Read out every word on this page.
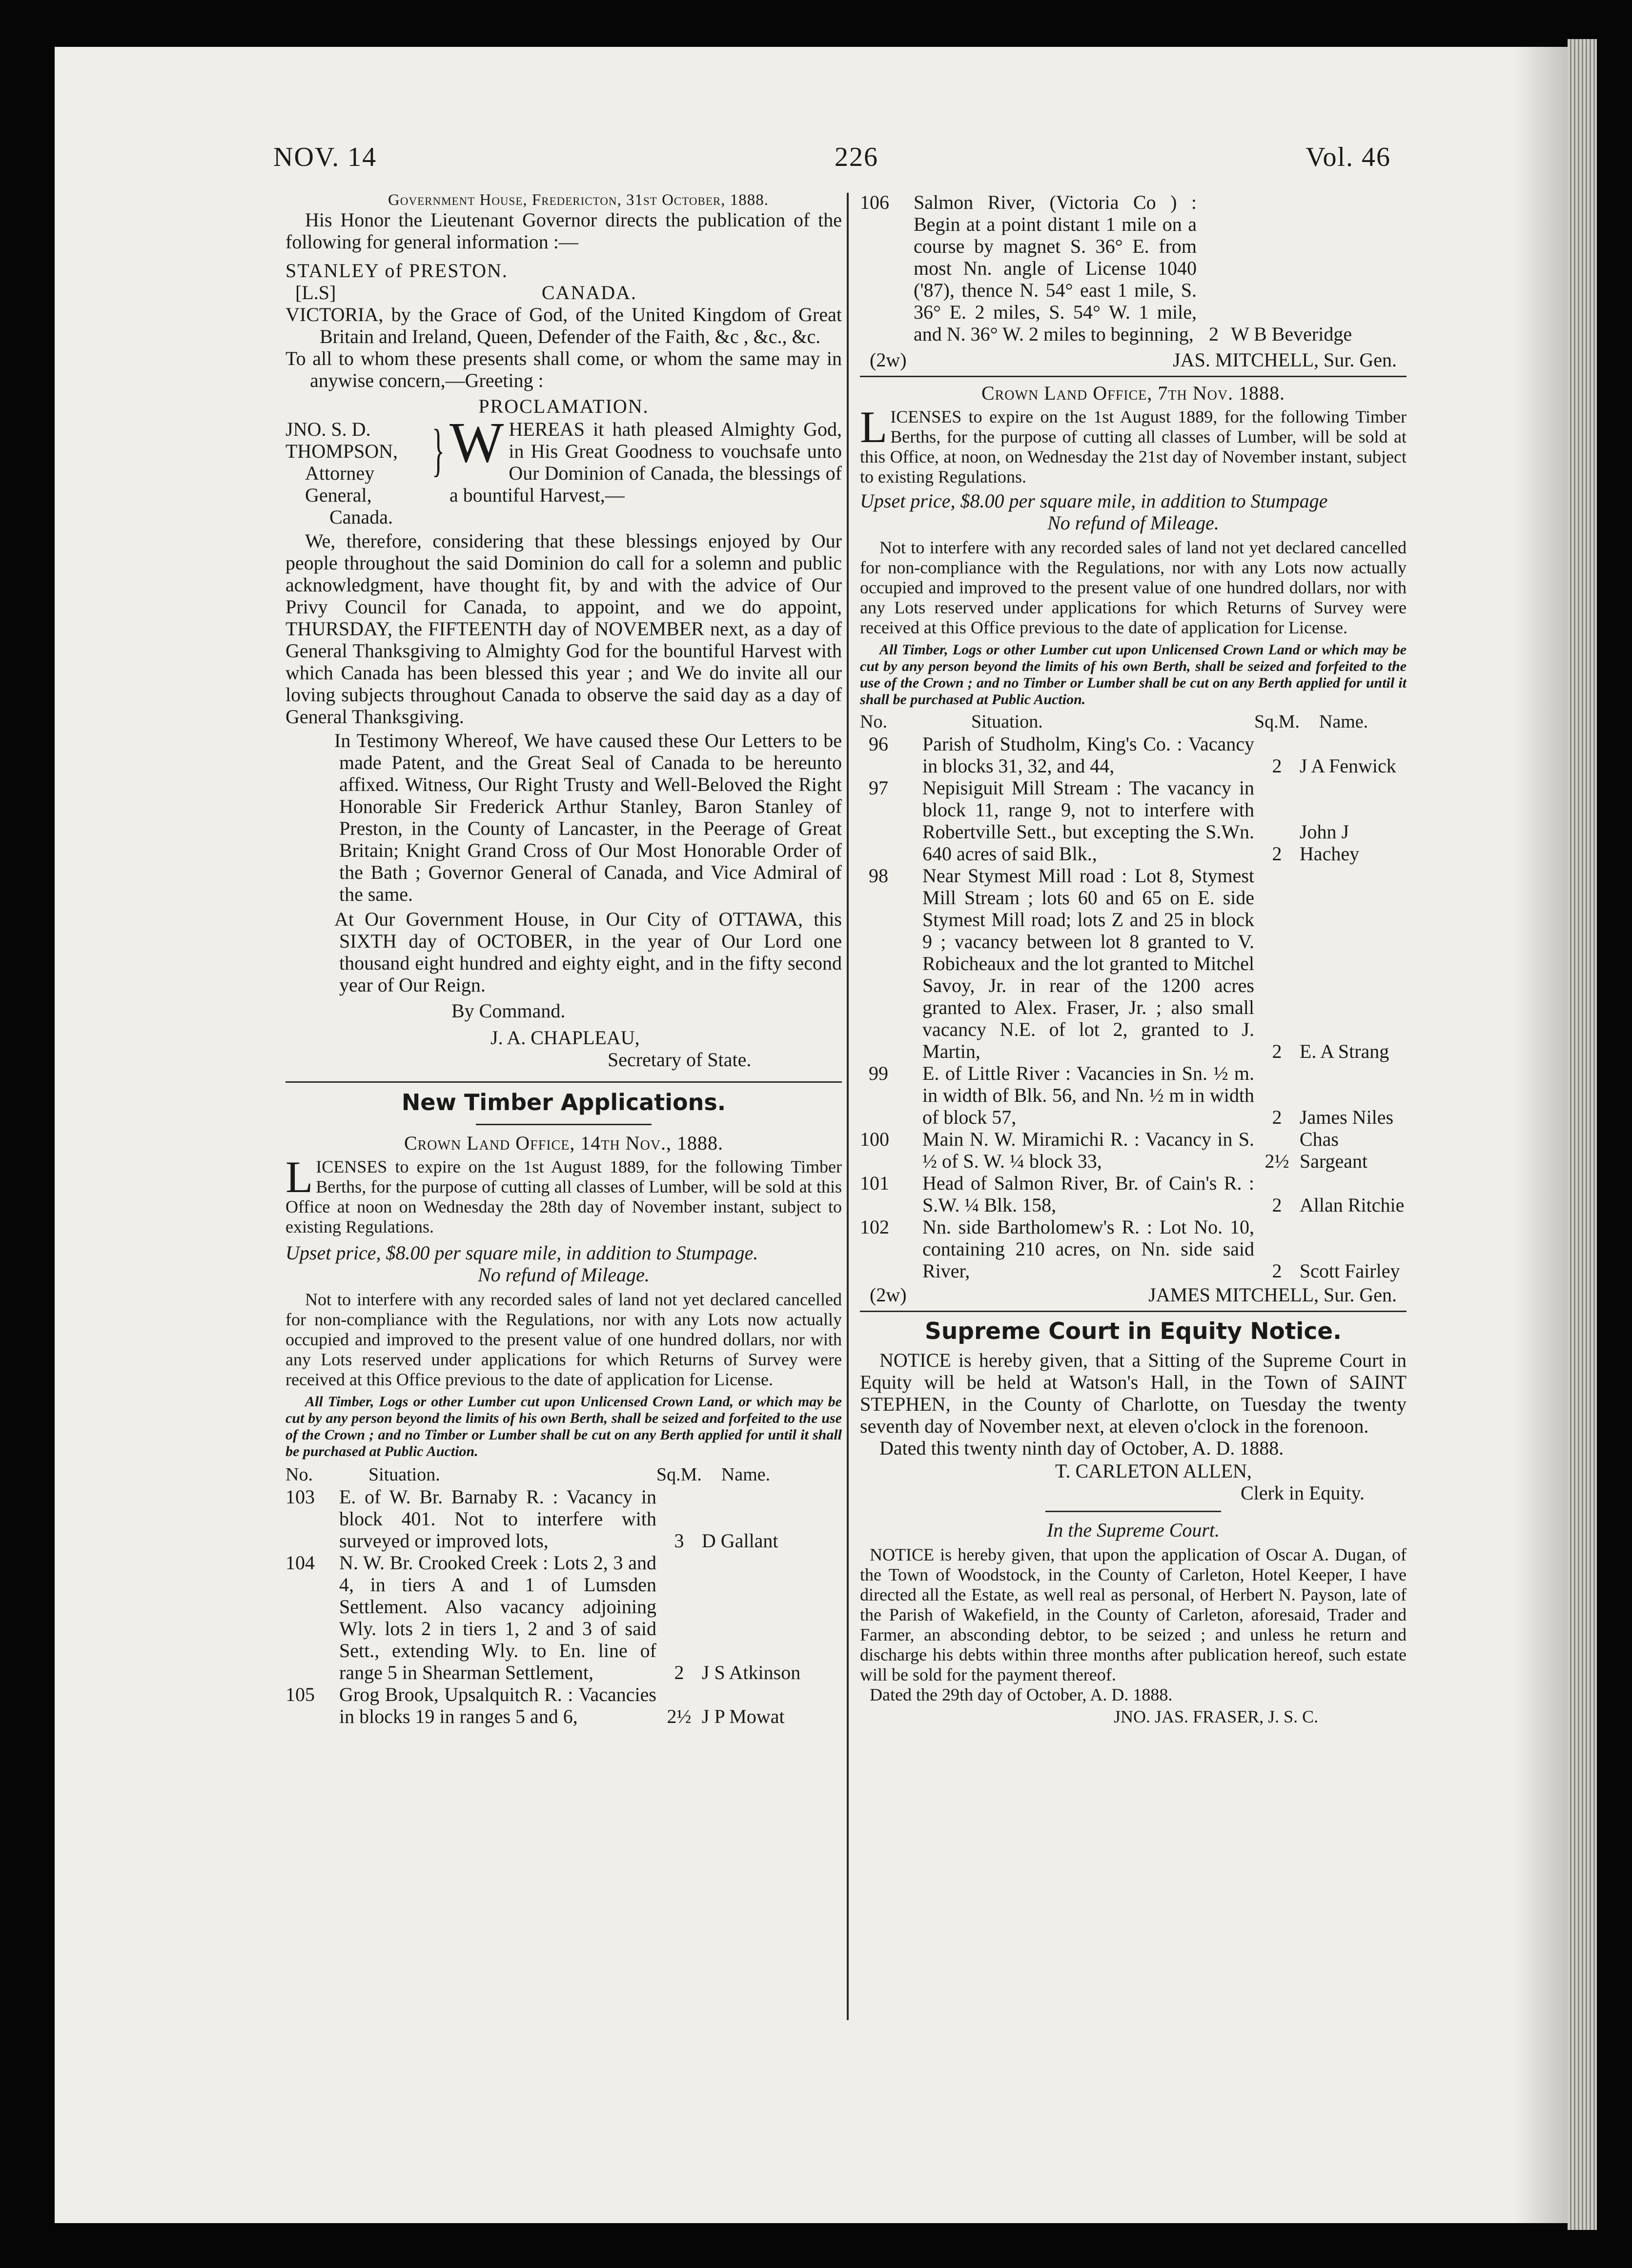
NOV. 14	226	Vol. 46

Government House, Fredericton, 31st October, 1888.

His Honor the Lieutenant Governor directs the publication of the following for general information :—

STANLEY of PRESTON.

[L.S]	CANADA.

VICTORIA, by the Grace of God, of the United Kingdom of Great Britain and Ireland, Queen, Defender of the Faith, &c , &c., &c.

To all to whom these presents shall come, or whom the same may in anywise concern,—Greeting :

PROCLAMATION.

JNO. S. D. THOMPSON,
Attorney General,
Canada.
} W HEREAS it hath pleased Almighty God, in His Great Goodness to vouchsafe unto Our Dominion of Canada, the blessings of a bountiful Harvest,—

We, therefore, considering that these blessings enjoyed by Our people throughout the said Dominion do call for a solemn and public acknowledgment, have thought fit, by and with the advice of Our Privy Council for Canada, to appoint, and we do appoint, THURSDAY, the FIFTEENTH day of NOVEMBER next, as a day of General Thanksgiving to Almighty God for the bountiful Harvest with which Canada has been blessed this year ; and We do invite all our loving subjects throughout Canada to observe the said day as a day of General Thanksgiving.

In Testimony Whereof, We have caused these Our Letters to be made Patent, and the Great Seal of Canada to be hereunto affixed. Witness, Our Right Trusty and Well-Beloved the Right Honorable Sir Frederick Arthur Stanley, Baron Stanley of Preston, in the County of Lancaster, in the Peerage of Great Britain; Knight Grand Cross of Our Most Honorable Order of the Bath ; Governor General of Canada, and Vice Admiral of the same.

At Our Government House, in Our City of OTTAWA, this SIXTH day of OCTOBER, in the year of Our Lord one thousand eight hundred and eighty eight, and in the fifty second year of Our Reign.

By Command.

J. A. CHAPLEAU,

Secretary of State.

New Timber Applications.

Crown Land Office, 14th Nov., 1888.

L ICENSES to expire on the 1st August 1889, for the following Timber Berths, for the purpose of cutting all classes of Lumber, will be sold at this Office at noon on Wednesday the 28th day of November instant, subject to existing Regulations.

Upset price, $8.00 per square mile, in addition to Stumpage.

No refund of Mileage.

Not to interfere with any recorded sales of land not yet declared cancelled for non-compliance with the Regulations, nor with any Lots now actually occupied and improved to the present value of one hundred dollars, nor with any Lots reserved under applications for which Returns of Survey were received at this Office previous to the date of application for License.

All Timber, Logs or other Lumber cut upon Unlicensed Crown Land, or which may be cut by any person beyond the limits of his own Berth, shall be seized and forfeited to the use of the Crown ; and no Timber or Lumber shall be cut on any Berth applied for until it shall be purchased at Public Auction.

No.	Situation.	Sq.M.	Name.
103	E. of W. Br. Barnaby R. : Vacancy in block 401. Not to interfere with surveyed or improved lots,	3	D Gallant
104	N. W. Br. Crooked Creek : Lots 2, 3 and 4, in tiers A and 1 of Lumsden Settlement. Also vacancy adjoining Wly. lots 2 in tiers 1, 2 and 3 of said Sett., extending Wly. to En. line of range 5 in Shearman Settlement,	2	J S Atkinson
105	Grog Brook, Upsalquitch R. : Vacancies in blocks 19 in ranges 5 and 6,	2½	J P Mowat
106	Salmon River, (Victoria Co ) : Begin at a point distant 1 mile on a course by magnet S. 36° E. from most Nn. angle of License 1040 ('87), thence N. 54° east 1 mile, S. 36° E. 2 miles, S. 54° W. 1 mile, and N. 36° W. 2 miles to beginning,	2	W B Beveridge
(2w)	JAS. MITCHELL, Sur. Gen.

Crown Land Office, 7th Nov. 1888.

L ICENSES to expire on the 1st August 1889, for the following Timber Berths, for the purpose of cutting all classes of Lumber, will be sold at this Office, at noon, on Wednesday the 21st day of November instant, subject to existing Regulations.

Upset price, $8.00 per square mile, in addition to Stumpage

No refund of Mileage.

Not to interfere with any recorded sales of land not yet declared cancelled for non-compliance with the Regulations, nor with any Lots now actually occupied and improved to the present value of one hundred dollars, nor with any Lots reserved under applications for which Returns of Survey were received at this Office previous to the date of application for License.

All Timber, Logs or other Lumber cut upon Unlicensed Crown Land or which may be cut by any person beyond the limits of his own Berth, shall be seized and forfeited to the use of the Crown ; and no Timber or Lumber shall be cut on any Berth applied for until it shall be purchased at Public Auction.

No.	Situation.	Sq.M.	Name.
96	Parish of Studholm, King's Co. : Vacancy in blocks 31, 32, and 44,	2	J A Fenwick
97	Nepisiguit Mill Stream : The vacancy in block 11, range 9, not to interfere with Robertville Sett., but excepting the S.Wn. 640 acres of said Blk.,	2	John J Hachey
98	Near Stymest Mill road : Lot 8, Stymest Mill Stream ; lots 60 and 65 on E. side Stymest Mill road; lots Z and 25 in block 9 ; vacancy between lot 8 granted to V. Robicheaux and the lot granted to Mitchel Savoy, Jr. in rear of the 1200 acres granted to Alex. Fraser, Jr. ; also small vacancy N.E. of lot 2, granted to J. Martin,	2	E. A Strang
99	E. of Little River : Vacancies in Sn. ½ m. in width of Blk. 56, and Nn. ½ m in width of block 57,	2	James Niles
100	Main N. W. Miramichi R. : Vacancy in S. ½ of S. W. ¼ block 33,	2½	Chas Sargeant
101	Head of Salmon River, Br. of Cain's R. : S.W. ¼ Blk. 158,	2	Allan Ritchie
102	Nn. side Bartholomew's R. : Lot No. 10, containing 210 acres, on Nn. side said River,	2	Scott Fairley
(2w)	JAMES MITCHELL, Sur. Gen.
Supreme Court in Equity Notice.

NOTICE is hereby given, that a Sitting of the Supreme Court in Equity will be held at Watson's Hall, in the Town of SAINT STEPHEN, in the County of Charlotte, on Tuesday the twenty seventh day of November next, at eleven o'clock in the forenoon.

Dated this twenty ninth day of October, A. D. 1888.

T. CARLETON ALLEN,

Clerk in Equity.

In the Supreme Court.

NOTICE is hereby given, that upon the application of Oscar A. Dugan, of the Town of Woodstock, in the County of Carleton, Hotel Keeper, I have directed all the Estate, as well real as personal, of Herbert N. Payson, late of the Parish of Wakefield, in the County of Carleton, aforesaid, Trader and Farmer, an absconding debtor, to be seized ; and unless he return and discharge his debts within three months after publication hereof, such estate will be sold for the payment thereof.

Dated the 29th day of October, A. D. 1888.

JNO. JAS. FRASER, J. S. C.
